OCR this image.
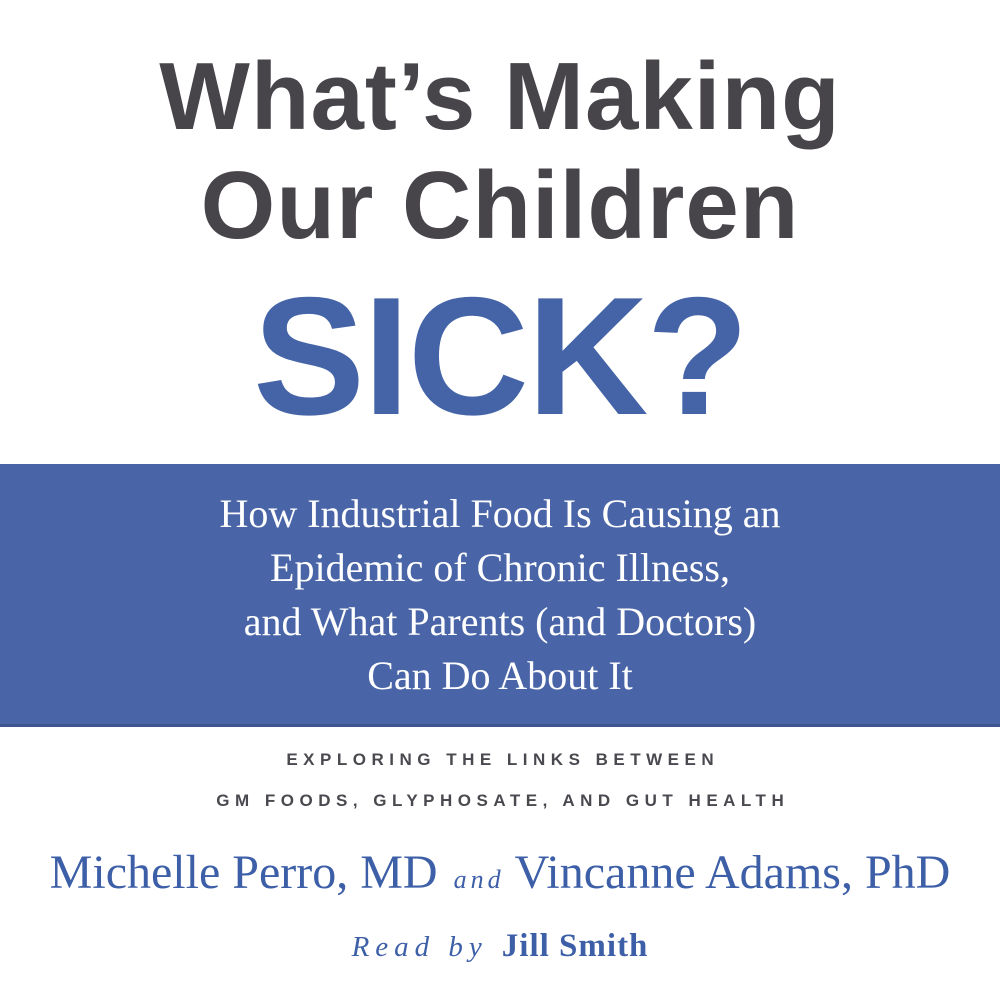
What’s Making
Our Children
SICK?
How Industrial Food Is Causing an
Epidemic of Chronic Illness,
and What Parents (and Doctors)
Can Do About It
EXPLORING THE LINKS BETWEEN
GM FOODS, GLYPHOSATE, AND GUT HEALTH
Michelle Perro, MD and Vincanne Adams, PhD
Read by Jill Smith
